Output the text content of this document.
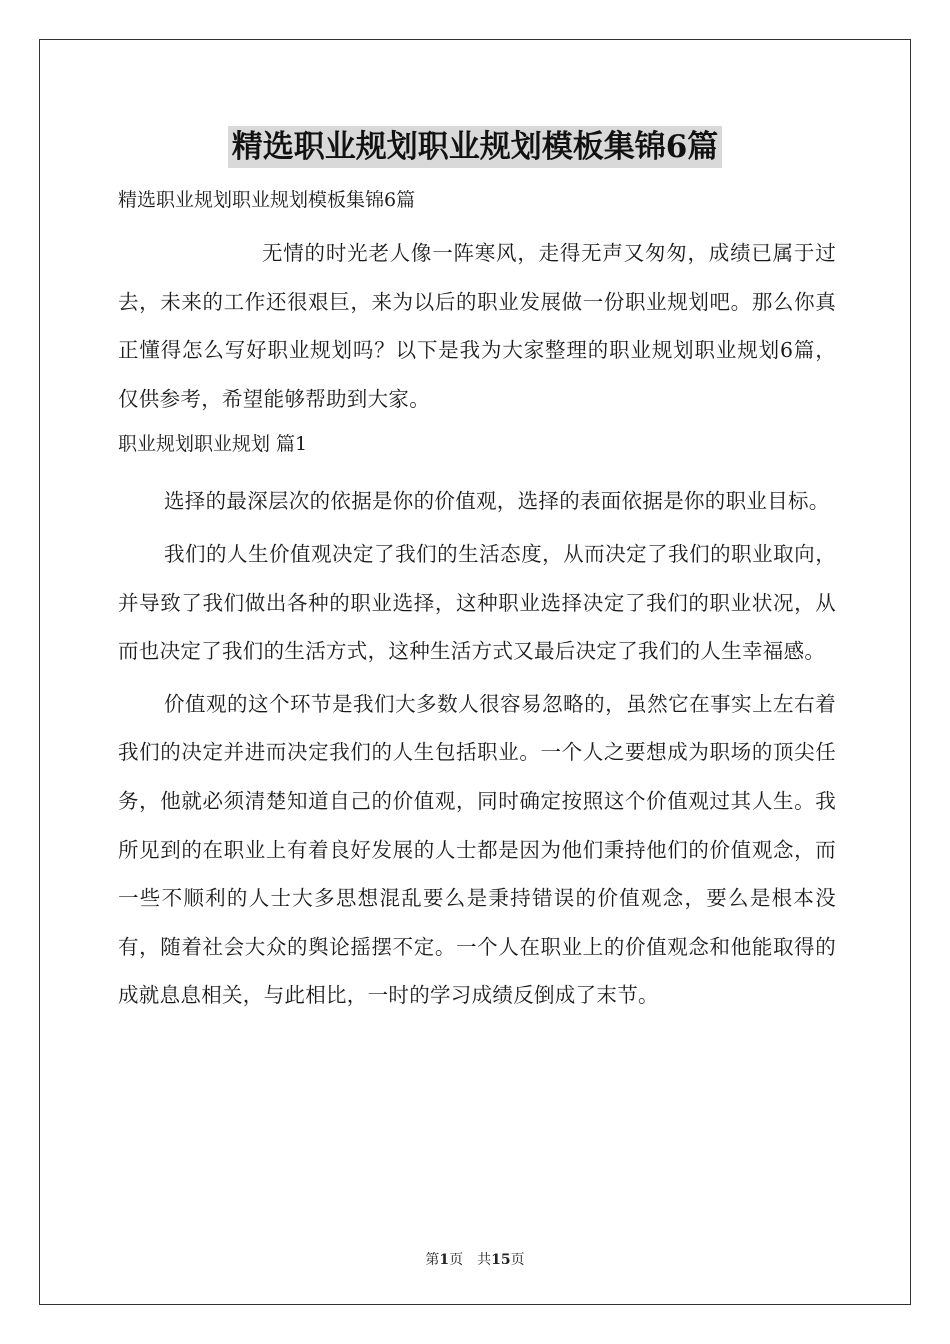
精选职业规划职业规划模板集锦6篇

精选职业规划职业规划模板集锦6篇

无情的时光老人像一阵寒风，走得无声又匆匆，成绩已属于过去，未来的工作还很艰巨，来为以后的职业发展做一份职业规划吧。那么你真正懂得怎么写好职业规划吗？以下是我为大家整理的职业规划职业规划6篇，仅供参考，希望能够帮助到大家。

职业规划职业规划 篇1

选择的最深层次的依据是你的价值观，选择的表面依据是你的职业目标。

我们的人生价值观决定了我们的生活态度，从而决定了我们的职业取向，并导致了我们做出各种的职业选择，这种职业选择决定了我们的职业状况，从而也决定了我们的生活方式，这种生活方式又最后决定了我们的人生幸福感。

价值观的这个环节是我们大多数人很容易忽略的，虽然它在事实上左右着我们的决定并进而决定我们的人生包括职业。一个人之要想成为职场的顶尖任务，他就必须清楚知道自己的价值观，同时确定按照这个价值观过其人生。我所见到的在职业上有着良好发展的人士都是因为他们秉持他们的价值观念，而一些不顺利的人士大多思想混乱要么是秉持错误的价值观念，要么是根本没有，随着社会大众的舆论摇摆不定。一个人在职业上的价值观念和他能取得的成就息息相关，与此相比，一时的学习成绩反倒成了末节。

第1页　共15页
